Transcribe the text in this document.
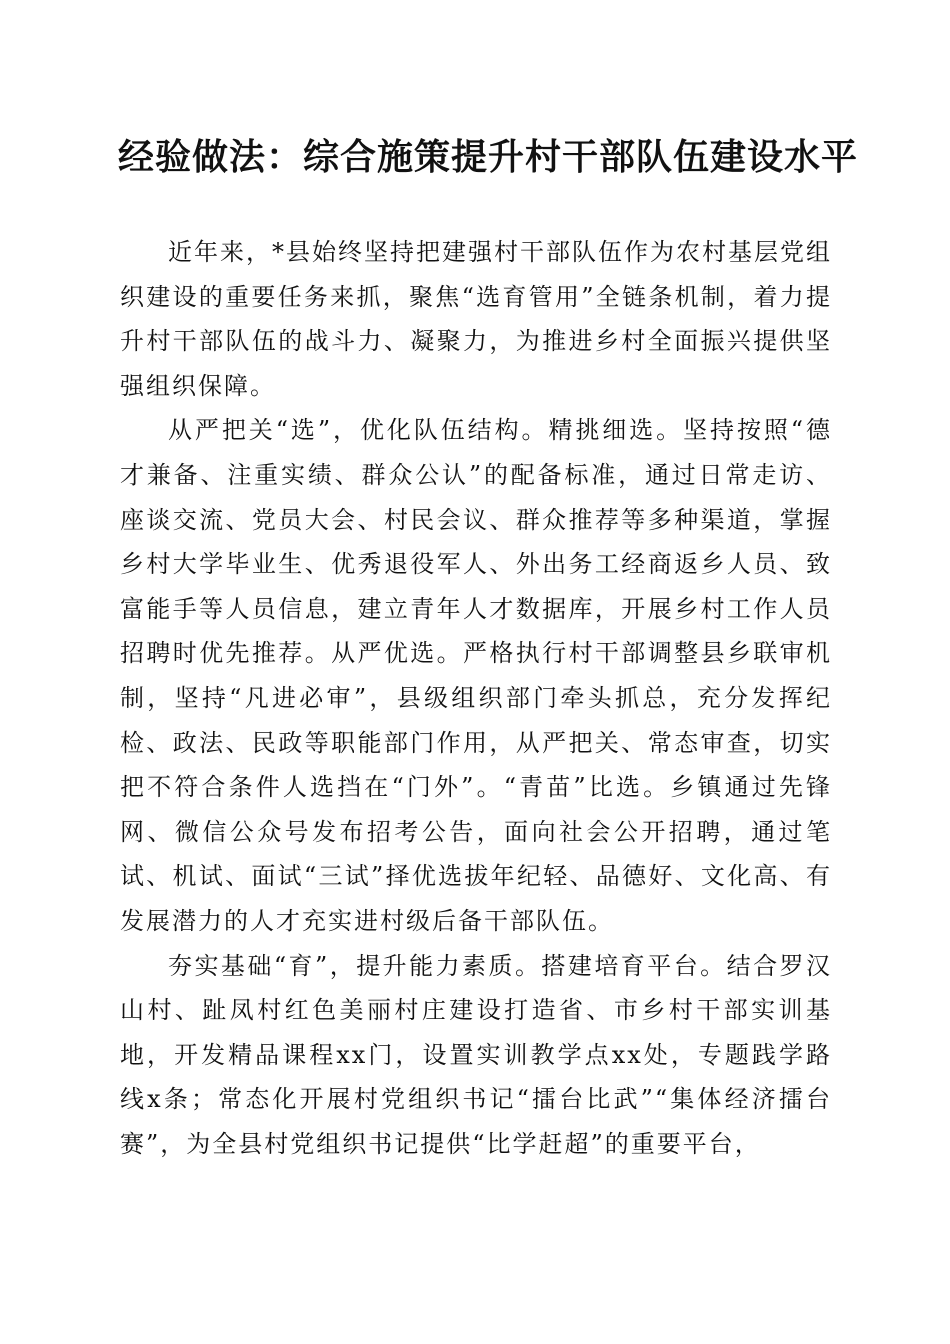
经验做法：综合施策提升村干部队伍建设水平

近年来，*县始终坚持把建强村干部队伍作为农村基层党组织建设的重要任务来抓，聚焦“选育管用”全链条机制，着力提升村干部队伍的战斗力、凝聚力，为推进乡村全面振兴提供坚强组织保障。

从严把关“选”，优化队伍结构。精挑细选。坚持按照“德才兼备、注重实绩、群众公认”的配备标准，通过日常走访、座谈交流、党员大会、村民会议、群众推荐等多种渠道，掌握乡村大学毕业生、优秀退役军人、外出务工经商返乡人员、致富能手等人员信息，建立青年人才数据库，开展乡村工作人员招聘时优先推荐。从严优选。严格执行村干部调整县乡联审机制，坚持“凡进必审”，县级组织部门牵头抓总，充分发挥纪检、政法、民政等职能部门作用，从严把关、常态审查，切实把不符合条件人选挡在“门外”。“青苗”比选。乡镇通过先锋网、微信公众号发布招考公告，面向社会公开招聘，通过笔试、机试、面试“三试”择优选拔年纪轻、品德好、文化高、有发展潜力的人才充实进村级后备干部队伍。

夯实基础“育”，提升能力素质。搭建培育平台。结合罗汉山村、趾凤村红色美丽村庄建设打造省、市乡村干部实训基地，开发精品课程xx门，设置实训教学点xx处，专题践学路线x条；常态化开展村党组织书记“擂台比武”“集体经济擂台赛”，为全县村党组织书记提供“比学赶超”的重要平台，
